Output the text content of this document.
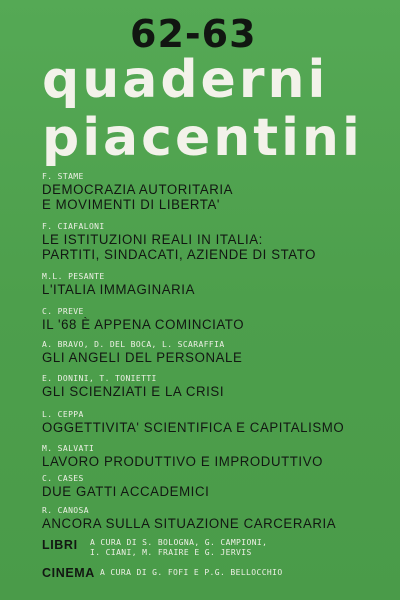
62-63
quaderni
piacentini
F. STAME
DEMOCRAZIA AUTORITARIA
E MOVIMENTI DI LIBERTA'
F. CIAFALONI
LE ISTITUZIONI REALI IN ITALIA:
PARTITI, SINDACATI, AZIENDE DI STATO
M.L. PESANTE
L'ITALIA IMMAGINARIA
C. PREVE
IL '68 È APPENA COMINCIATO
A. BRAVO, D. DEL BOCA, L. SCARAFFIA
GLI ANGELI DEL PERSONALE
E. DONINI, T. TONIETTI
GLI SCIENZIATI E LA CRISI
L. CEPPA
OGGETTIVITA' SCIENTIFICA E CAPITALISMO
M. SALVATI
LAVORO PRODUTTIVO E IMPRODUTTIVO
C. CASES
DUE GATTI ACCADEMICI
R. CANOSA
ANCORA SULLA SITUAZIONE CARCERARIA
LIBRI A CURA DI S. BOLOGNA, G. CAMPIONI,
I. CIANI, M. FRAIRE E G. JERVIS
CINEMA A CURA DI G. FOFI E P.G. BELLOCCHIO
